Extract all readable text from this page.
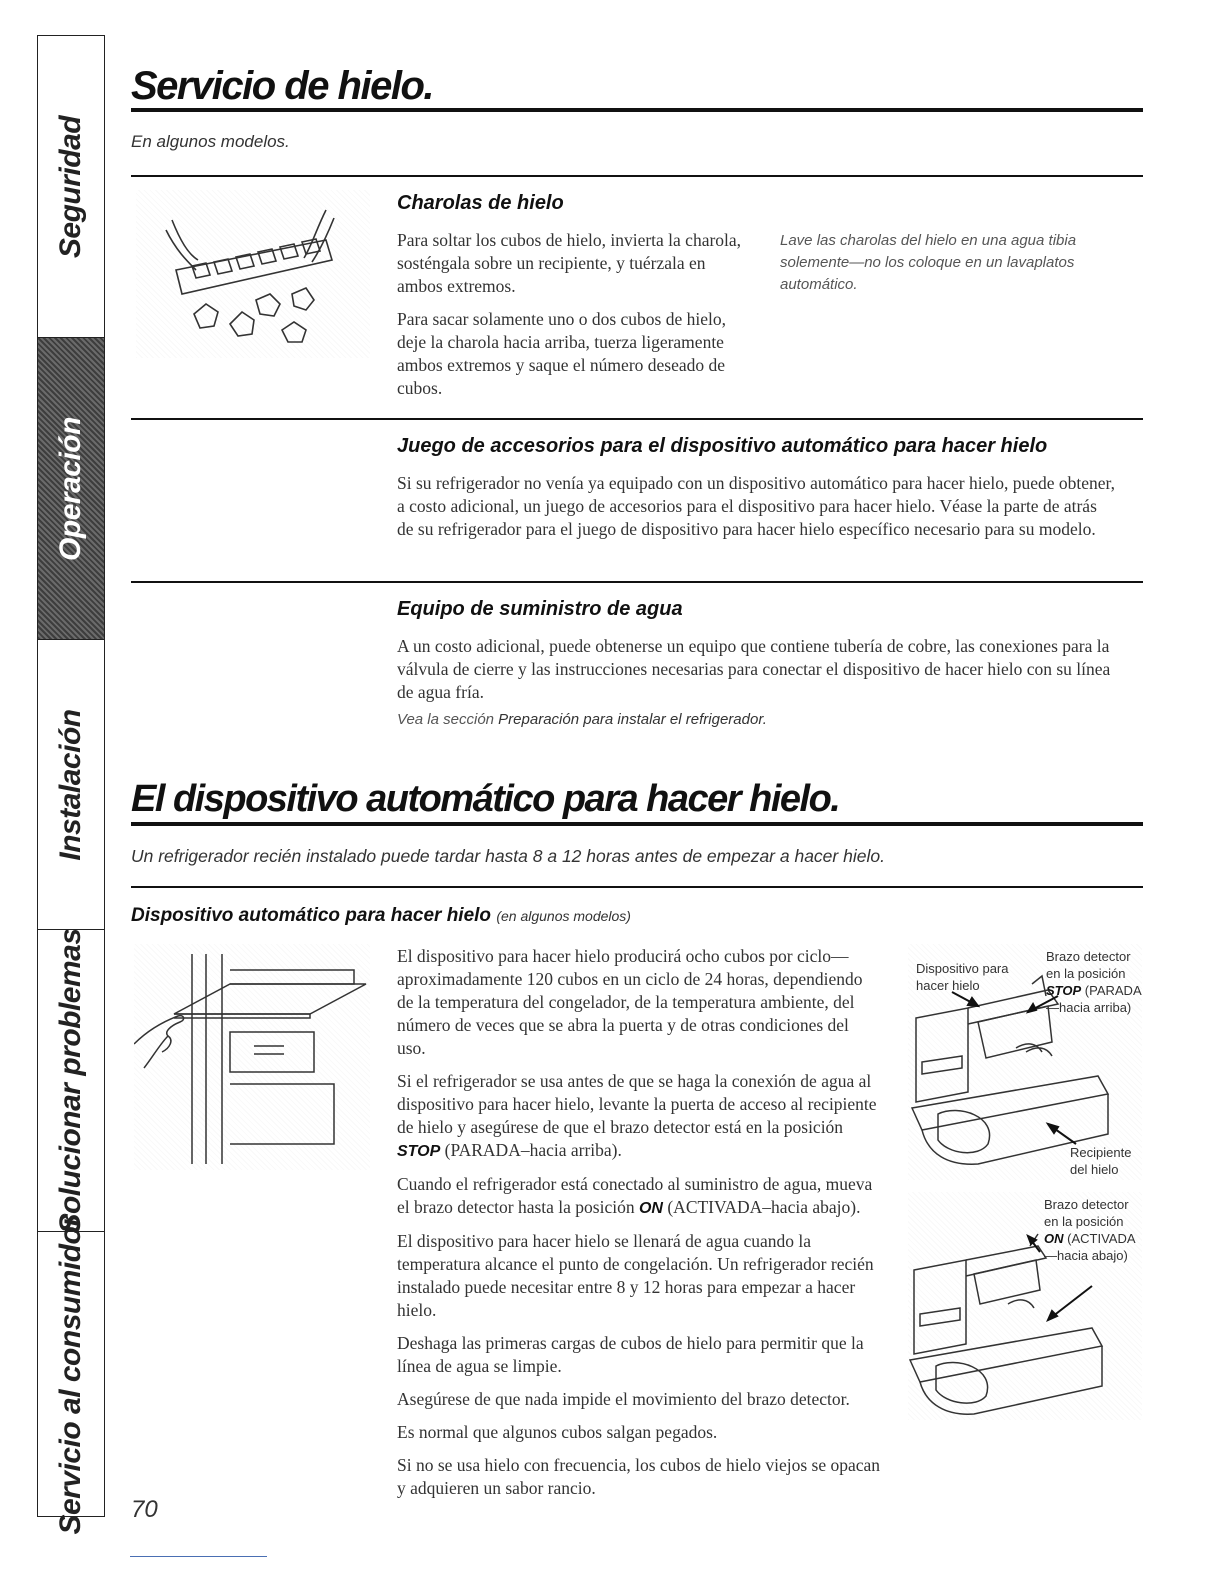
Seguridad
Operación
Instalación
Solucionar problemas
Servicio al consumidor
Servicio de hielo.

En algunos modelos.

Charolas de hielo

Para soltar los cubos de hielo, invierta la charola, sosténgala sobre un recipiente, y tuérzala en ambos extremos.

Para sacar solamente uno o dos cubos de hielo, deje la charola hacia arriba, tuerza ligeramente ambos extremos y saque el número deseado de cubos.

Lave las charolas del hielo en una agua tibia solemente—no los coloque en un lavaplatos automático.
Juego de accesorios para el dispositivo automático para hacer hielo

Si su refrigerador no venía ya equipado con un dispositivo automático para hacer hielo, puede obtener, a costo adicional, un juego de accesorios para el dispositivo para hacer hielo. Véase la parte de atrás de su refrigerador para el juego de dispositivo para hacer hielo específico necesario para su modelo.

Equipo de suministro de agua

A un costo adicional, puede obtenerse un equipo que contiene tubería de cobre, las conexiones para la válvula de cierre y las instrucciones necesarias para conectar el dispositivo de hacer hielo con su línea de agua fría.

Vea la sección Preparación para instalar el refrigerador.

El dispositivo automático para hacer hielo.

Un refrigerador recién instalado puede tardar hasta 8 a 12 horas antes de empezar a hacer hielo.

Dispositivo automático para hacer hielo (en algunos modelos)

El dispositivo para hacer hielo producirá ocho cubos por ciclo—aproximadamente 120 cubos en un ciclo de 24 horas, dependiendo de la temperatura del congelador, de la temperatura ambiente, del número de veces que se abra la puerta y de otras condiciones del uso.

Si el refrigerador se usa antes de que se haga la conexión de agua al dispositivo para hacer hielo, levante la puerta de acceso al recipiente de hielo y asegúrese de que el brazo detector está en la posición STOP (PARADA–hacia arriba).

Cuando el refrigerador está conectado al suministro de agua, mueva el brazo detector hasta la posición ON (ACTIVADA–hacia abajo).

El dispositivo para hacer hielo se llenará de agua cuando la temperatura alcance el punto de congelación. Un refrigerador recién instalado puede necesitar entre 8 y 12 horas para empezar a hacer hielo.

Deshaga las primeras cargas de cubos de hielo para permitir que la línea de agua se limpie.

Asegúrese de que nada impide el movimiento del brazo detector.

Es normal que algunos cubos salgan pegados.

Si no se usa hielo con frecuencia, los cubos de hielo viejos se opacan y adquieren un sabor rancio.

Dispositivo para hacer hielo
Brazo detector en la posición STOP (PARADA —hacia arriba)
Recipiente del hielo
Brazo detector en la posición ON (ACTIVADA —hacia abajo)
70
